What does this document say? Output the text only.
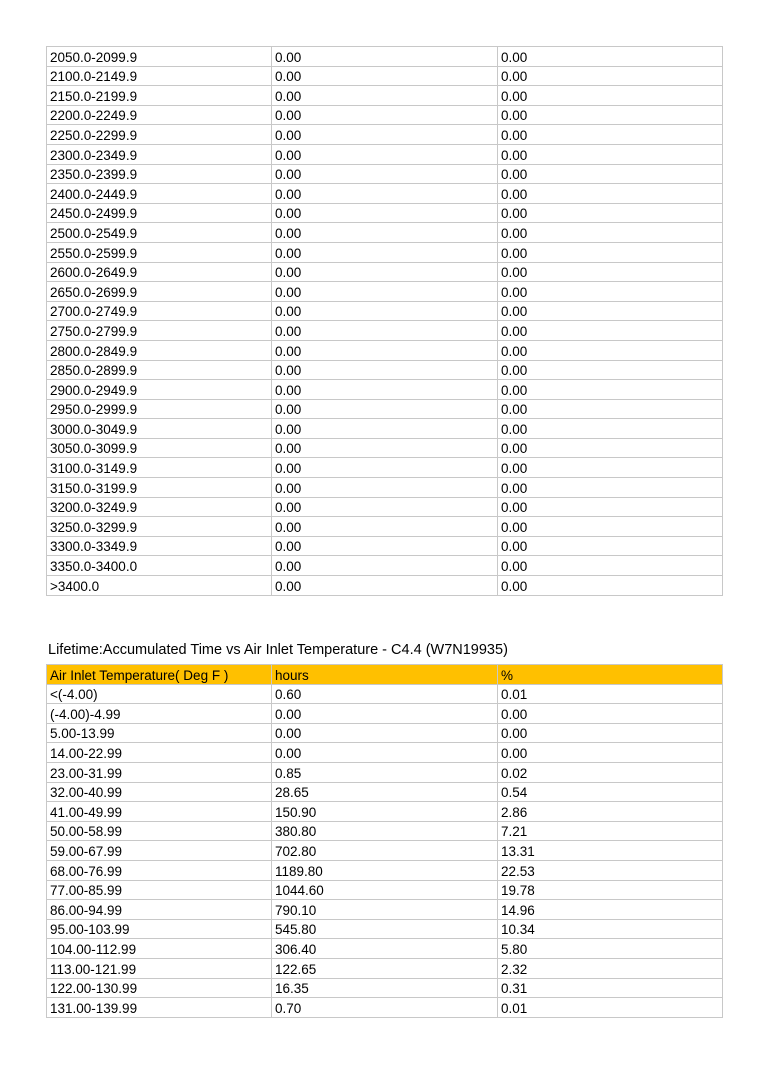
2050.0-2099.9	0.00	0.00
2100.0-2149.9	0.00	0.00
2150.0-2199.9	0.00	0.00
2200.0-2249.9	0.00	0.00
2250.0-2299.9	0.00	0.00
2300.0-2349.9	0.00	0.00
2350.0-2399.9	0.00	0.00
2400.0-2449.9	0.00	0.00
2450.0-2499.9	0.00	0.00
2500.0-2549.9	0.00	0.00
2550.0-2599.9	0.00	0.00
2600.0-2649.9	0.00	0.00
2650.0-2699.9	0.00	0.00
2700.0-2749.9	0.00	0.00
2750.0-2799.9	0.00	0.00
2800.0-2849.9	0.00	0.00
2850.0-2899.9	0.00	0.00
2900.0-2949.9	0.00	0.00
2950.0-2999.9	0.00	0.00
3000.0-3049.9	0.00	0.00
3050.0-3099.9	0.00	0.00
3100.0-3149.9	0.00	0.00
3150.0-3199.9	0.00	0.00
3200.0-3249.9	0.00	0.00
3250.0-3299.9	0.00	0.00
3300.0-3349.9	0.00	0.00
3350.0-3400.0	0.00	0.00
>3400.0	0.00	0.00
Lifetime:Accumulated Time vs Air Inlet Temperature - C4.4 (W7N19935)
Air Inlet Temperature( Deg F )	hours	%
<(-4.00)	0.60	0.01
(-4.00)-4.99	0.00	0.00
5.00-13.99	0.00	0.00
14.00-22.99	0.00	0.00
23.00-31.99	0.85	0.02
32.00-40.99	28.65	0.54
41.00-49.99	150.90	2.86
50.00-58.99	380.80	7.21
59.00-67.99	702.80	13.31
68.00-76.99	1189.80	22.53
77.00-85.99	1044.60	19.78
86.00-94.99	790.10	14.96
95.00-103.99	545.80	10.34
104.00-112.99	306.40	5.80
113.00-121.99	122.65	2.32
122.00-130.99	16.35	0.31
131.00-139.99	0.70	0.01
